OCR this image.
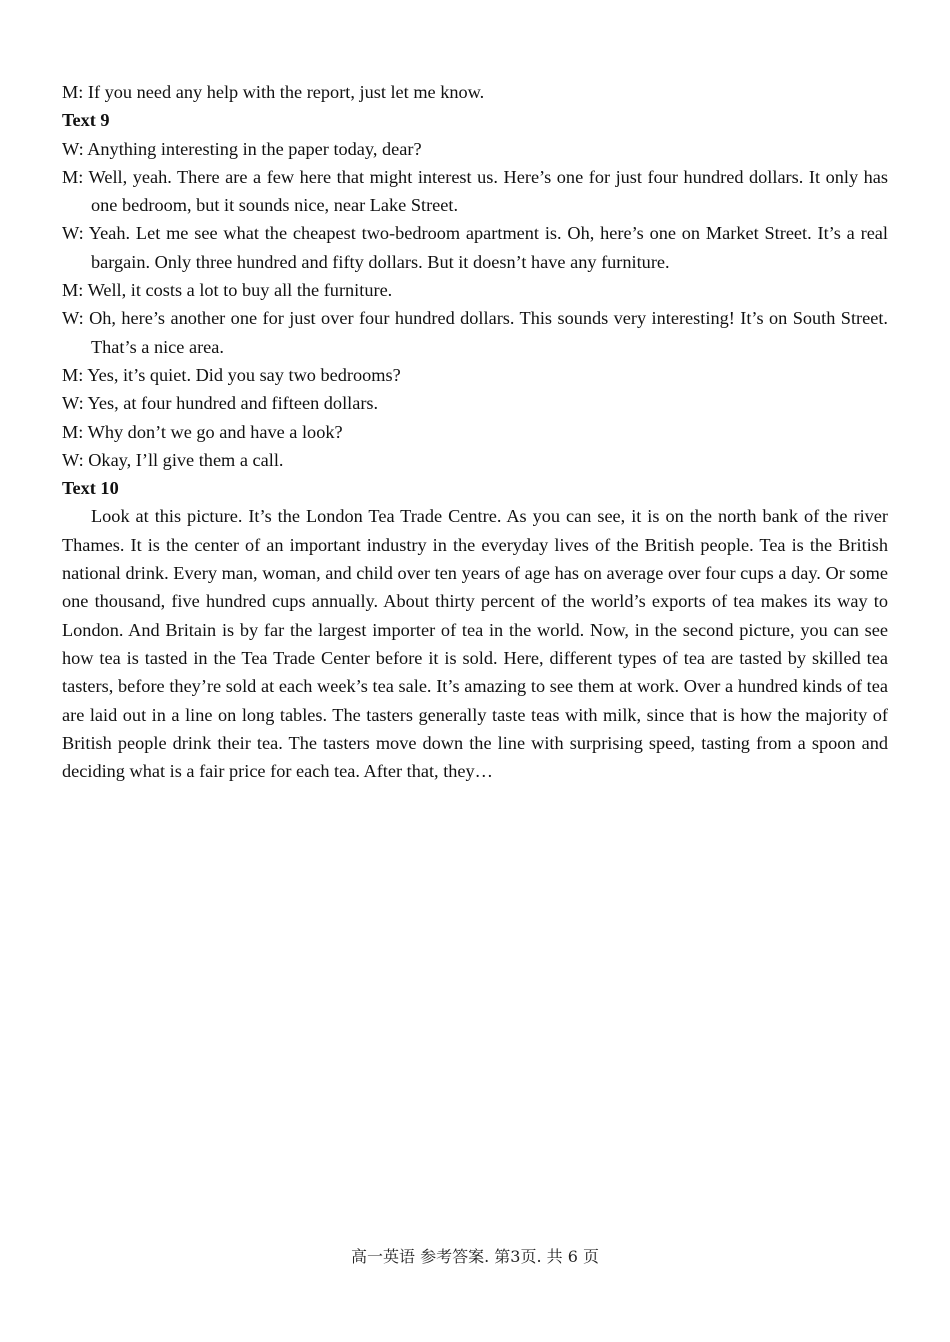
M: If you need any help with the report, just let me know.

Text 9

W: Anything interesting in the paper today, dear?

M: Well, yeah. There are a few here that might interest us. Here’s one for just four hundred dollars. It only has one bedroom, but it sounds nice, near Lake Street.

W: Yeah. Let me see what the cheapest two-bedroom apartment is. Oh, here’s one on Market Street. It’s a real bargain. Only three hundred and fifty dollars. But it doesn’t have any furniture.

M: Well, it costs a lot to buy all the furniture.

W: Oh, here’s another one for just over four hundred dollars. This sounds very interesting! It’s on South Street. That’s a nice area.

M: Yes, it’s quiet. Did you say two bedrooms?

W: Yes, at four hundred and fifteen dollars.

M: Why don’t we go and have a look?

W: Okay, I’ll give them a call.

Text 10

Look at this picture. It’s the London Tea Trade Centre. As you can see, it is on the north bank of the river Thames. It is the center of an important industry in the everyday lives of the British people. Tea is the British national drink. Every man, woman, and child over ten years of age has on average over four cups a day. Or some one thousand, five hundred cups annually. About thirty percent of the world’s exports of tea makes its way to London. And Britain is by far the largest importer of tea in the world. Now, in the second picture, you can see how tea is tasted in the Tea Trade Center before it is sold. Here, different types of tea are tasted by skilled tea tasters, before they’re sold at each week’s tea sale. It’s amazing to see them at work. Over a hundred kinds of tea are laid out in a line on long tables. The tasters generally taste teas with milk, since that is how the majority of British people drink their tea. The tasters move down the line with surprising speed, tasting from a spoon and deciding what is a fair price for each tea. After that, they…

高一英语 参考答案. 第3页. 共 6 页
